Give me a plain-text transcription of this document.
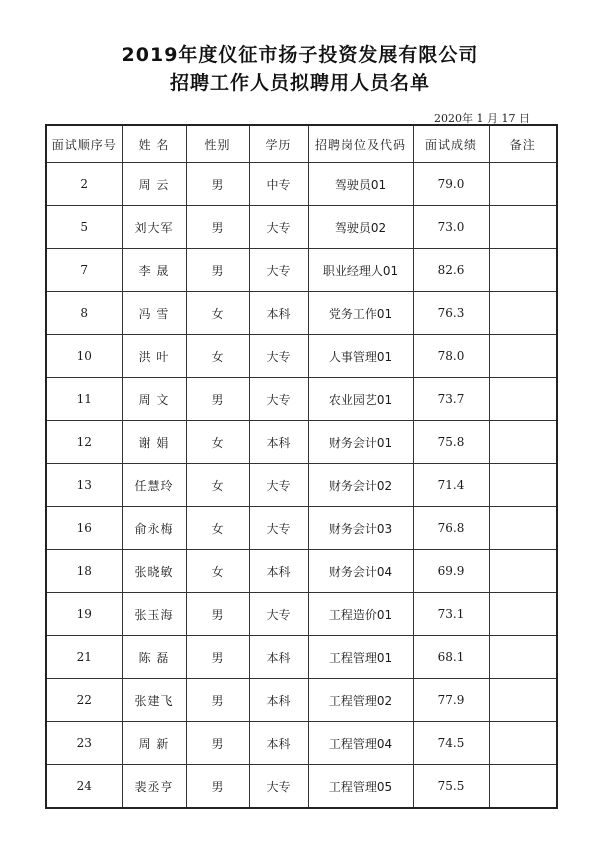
2019年度仪征市扬子投资发展有限公司
招聘工作人员拟聘用人员名单
2020年 1 月 17 日
面试顺序号	姓 名	性别	学历	招聘岗位及代码	面试成绩	备注
2	周 云	男	中专	驾驶员01	79.0	
5	刘大军	男	大专	驾驶员02	73.0	
7	李 晟	男	大专	职业经理人01	82.6	
8	冯 雪	女	本科	党务工作01	76.3	
10	洪 叶	女	大专	人事管理01	78.0	
11	周 文	男	大专	农业园艺01	73.7	
12	谢 娟	女	本科	财务会计01	75.8	
13	任慧玲	女	大专	财务会计02	71.4	
16	俞永梅	女	大专	财务会计03	76.8	
18	张晓敏	女	本科	财务会计04	69.9	
19	张玉海	男	大专	工程造价01	73.1	
21	陈 磊	男	本科	工程管理01	68.1	
22	张建飞	男	本科	工程管理02	77.9	
23	周 新	男	本科	工程管理04	74.5	
24	裴丞亨	男	大专	工程管理05	75.5	
